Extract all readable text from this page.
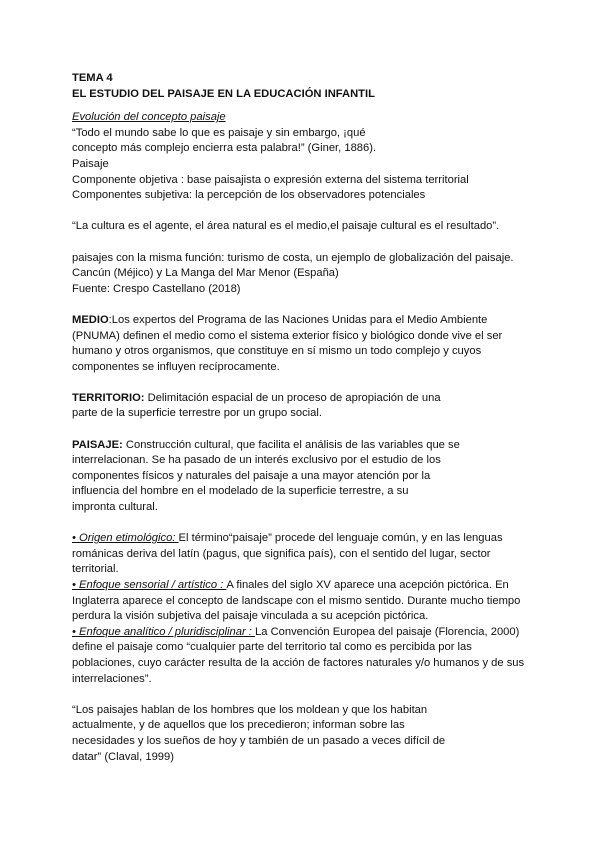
TEMA 4

EL ESTUDIO DEL PAISAJE EN LA EDUCACIÓN INFANTIL

Evolución del concepto paisaje

“Todo el mundo sabe lo que es paisaje y sin embargo, ¡qué

concepto más complejo encierra esta palabra!” (Giner, 1886).

Paisaje

Componente objetiva : base paisajista o expresión externa del sistema territorial

Componentes subjetiva: la percepción de los observadores potenciales

“La cultura es el agente, el área natural es el medio,el paisaje cultural es el resultado”.

paisajes con la misma función: turismo de costa, un ejemplo de globalización del paisaje.

Cancún (Méjico) y La Manga del Mar Menor (España)

Fuente: Crespo Castellano (2018)

MEDIO:Los expertos del Programa de las Naciones Unidas para el Medio Ambiente

(PNUMA) definen el medio como el sistema exterior físico y biológico donde vive el ser

humano y otros organismos, que constituye en sí mismo un todo complejo y cuyos

componentes se influyen recíprocamente.

TERRITORIO: Delimitación espacial de un proceso de apropiación de una

parte de la superficie terrestre por un grupo social.

PAISAJE: Construcción cultural, que facilita el análisis de las variables que se

interrelacionan. Se ha pasado de un interés exclusivo por el estudio de los

componentes físicos y naturales del paisaje a una mayor atención por la

influencia del hombre en el modelado de la superficie terrestre, a su

impronta cultural.

• Origen etimológico: El término“paisaje” procede del lenguaje común, y en las lenguas

románicas deriva del latín (pagus, que significa país), con el sentido del lugar, sector

territorial.

• Enfoque sensorial / artístico : A finales del siglo XV aparece una acepción pictórica. En

Inglaterra aparece el concepto de landscape con el mismo sentido. Durante mucho tiempo

perdura la visión subjetiva del paisaje vinculada a su acepción pictórica.

• Enfoque analítico / pluridisciplinar : La Convención Europea del paisaje (Florencia, 2000)

define el paisaje como “cualquier parte del territorio tal como es percibida por las

poblaciones, cuyo carácter resulta de la acción de factores naturales y/o humanos y de sus

interrelaciones”.

“Los paisajes hablan de los hombres que los moldean y que los habitan

actualmente, y de aquellos que los precedieron; informan sobre las

necesidades y los sueños de hoy y también de un pasado a veces difícil de

datar” (Claval, 1999)
